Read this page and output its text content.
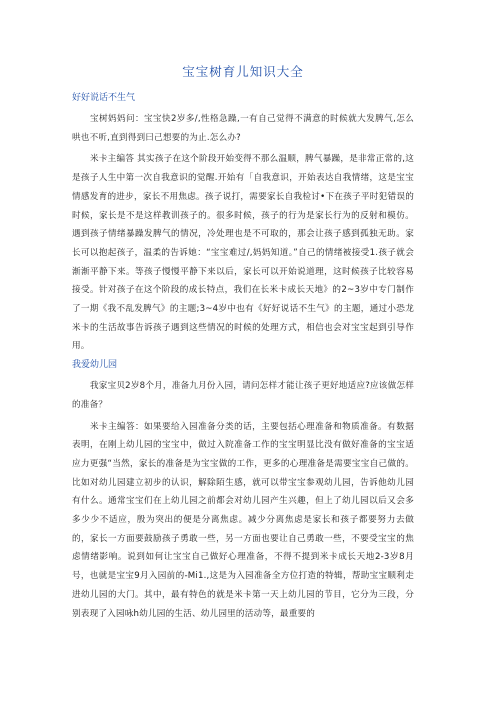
宝宝树育儿知识大全
好好说话不生气

宝树妈妈问：宝宝快2岁多/,性格急躁,一有自己觉得不满意的时候就大发脾气,怎么哄也不听,直到得到曰己想要的为止.怎么办?

米卡主编答 其实孩子在这个阶段开始变得不那么温顺，脾气暴躁，是非常正常的,这是孩子人生中第一次自我意识的觉醒.开始有「自我意识，开始表达自我情绪，这是宝宝情感发育的进步，家长不用焦虑。孩子说打，需要家长自我检讨•下在孩子平时犯错误的时候，家长是不是这样教训孩子的。很多时候，孩子的行为是家长行为的反射和模仿。遇到孩子情绪暴躁发脾气的情况，冷处理也是不可取的，那会让孩子感到孤独无助。家长可以抱起孩子，温柔的告诉她：“宝宝难过/,妈妈知道。”自己的情绪被接受1.孩子就会渐渐平静下来。等孩子慢慢平静下来以后，家长可以开始说道理，这时候孩子比较容易接受。针对孩子在这个阶段的成长特点，我们在长米卡成长天地》的2~3岁中专门制作了一期《我不乱发脾气》的主题;3~4岁中也有《好好说话不生气》的主题，通过小恐龙米卡的生活故事告诉孩子遇到这些情况的时候的处理方式，相信也会对宝宝起到引导作用。

我爱幼儿园

我家宝贝2岁8个月，准备九月份入园，请问怎样才能让孩子更好地适应?应该做怎样的准备？

米卡主编答：如果要给入园准备分类的话，主要包括心理准备和物质准备。有数据表明，在刚上幼儿园的宝宝中，做过入院准备工作的宝宝明显比没有做好准备的宝宝适应力更强“当然，家长的准备是为宝宝做的工作，更多的心理准备是需要宝宝自己做的。比如对幼儿园建立初步的认识，解除陌生感，就可以带宝宝参观幼儿园，告诉他幼儿园有什么。通常宝宝们在上幼儿园之前都会对幼儿园产生兴趣，但上了幼儿园以后又会多多少少不适应，殷为突出的便是分离焦虑。减少分离焦虑是家长和孩子都要努力去做的，家长一方面要鼓励孩子勇敢一些，另一方面也要让自己勇敢一些，不要受宝宝的焦虑情绪影响。说到如何让宝宝自己做好心理准备，不得不提到米卡成长天地2-3岁8月号，也就是宝宝9月入园前的-Mi1.,这是为入园准备全方位打造的特辑，帮助宝宝顺利走进幼儿园的大门。其中，最有特色的就是米卡第一天上幼儿园的节目，它分为三段，分别表现了入园咏h幼儿园的生活、幼儿园里的活动等，最重要的
